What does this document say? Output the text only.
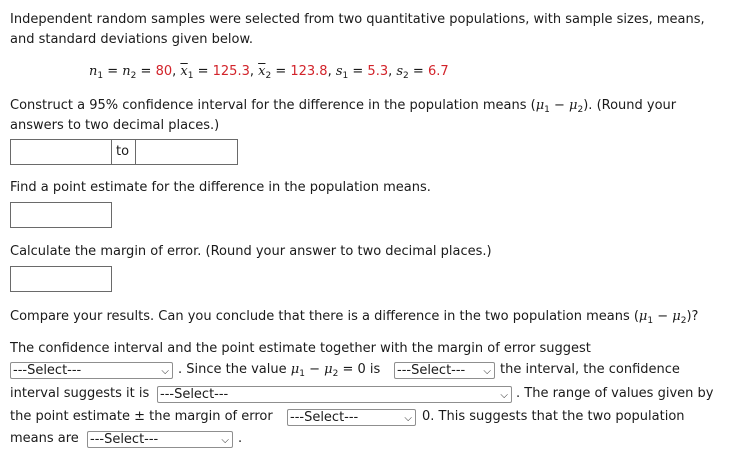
Independent random samples were selected from two quantitative populations, with sample sizes, means,
and standard deviations given below.
$n_1 = n_2 = 80$, $\overline{x}_1 = 125.3$, $\overline{x}_2 = 123.8$, $s_1 = 5.3$, $s_2 = 6.7$
Construct a 95% confidence interval for the difference in the population means $(\mu_1 - \mu_2)$. (Round your
answers to two decimal places.)
to
Find a point estimate for the difference in the population means.
Calculate the margin of error. (Round your answer to two decimal places.)
Compare your results. Can you conclude that there is a difference in the two population means $(\mu_1 - \mu_2)$?
The confidence interval and the point estimate together with the margin of error suggest
---Select---	⌵ . Since the value $\mu_1 - \mu_2 = 0$ is ---Select--- ⌵ the interval, the confidence
interval suggests it is ---Select---	⌵ . The range of values given by
the point estimate ± the margin of error ---Select---	⌵ 0. This suggests that the two population
means are ---Select---	⌵ .
